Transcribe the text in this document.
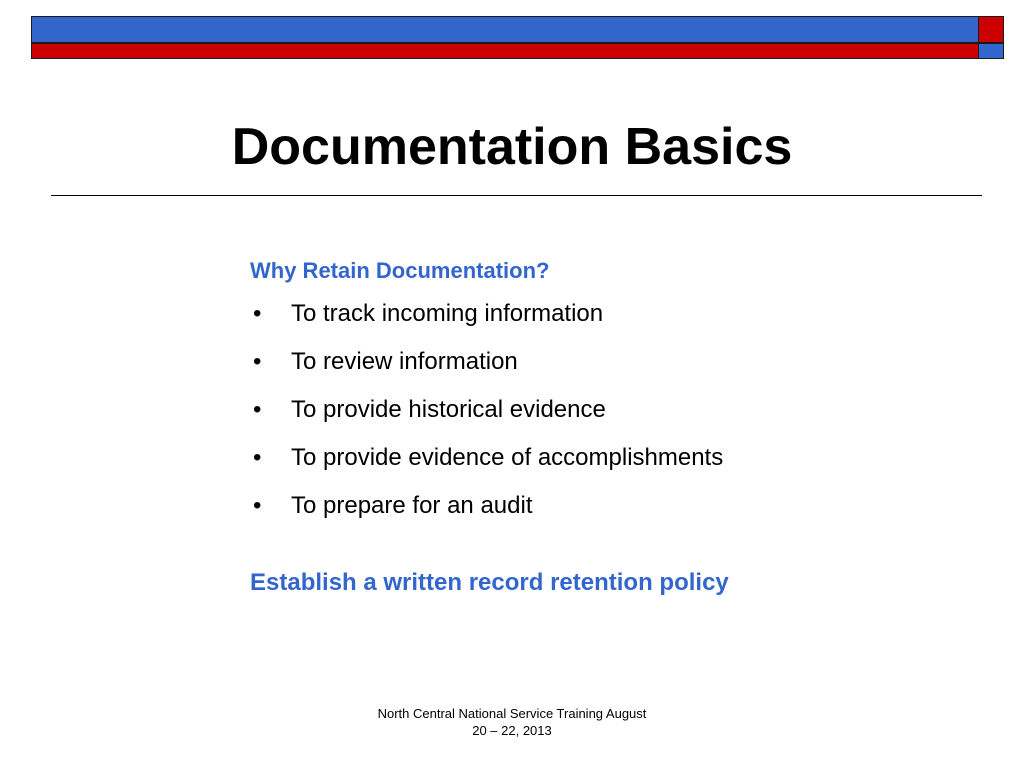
Documentation Basics

Why Retain Documentation?

• To track incoming information
• To review information
• To provide historical evidence
• To provide evidence of accomplishments
• To prepare for an audit

Establish a written record retention policy

North Central National Service Training August
20 – 22, 2013
